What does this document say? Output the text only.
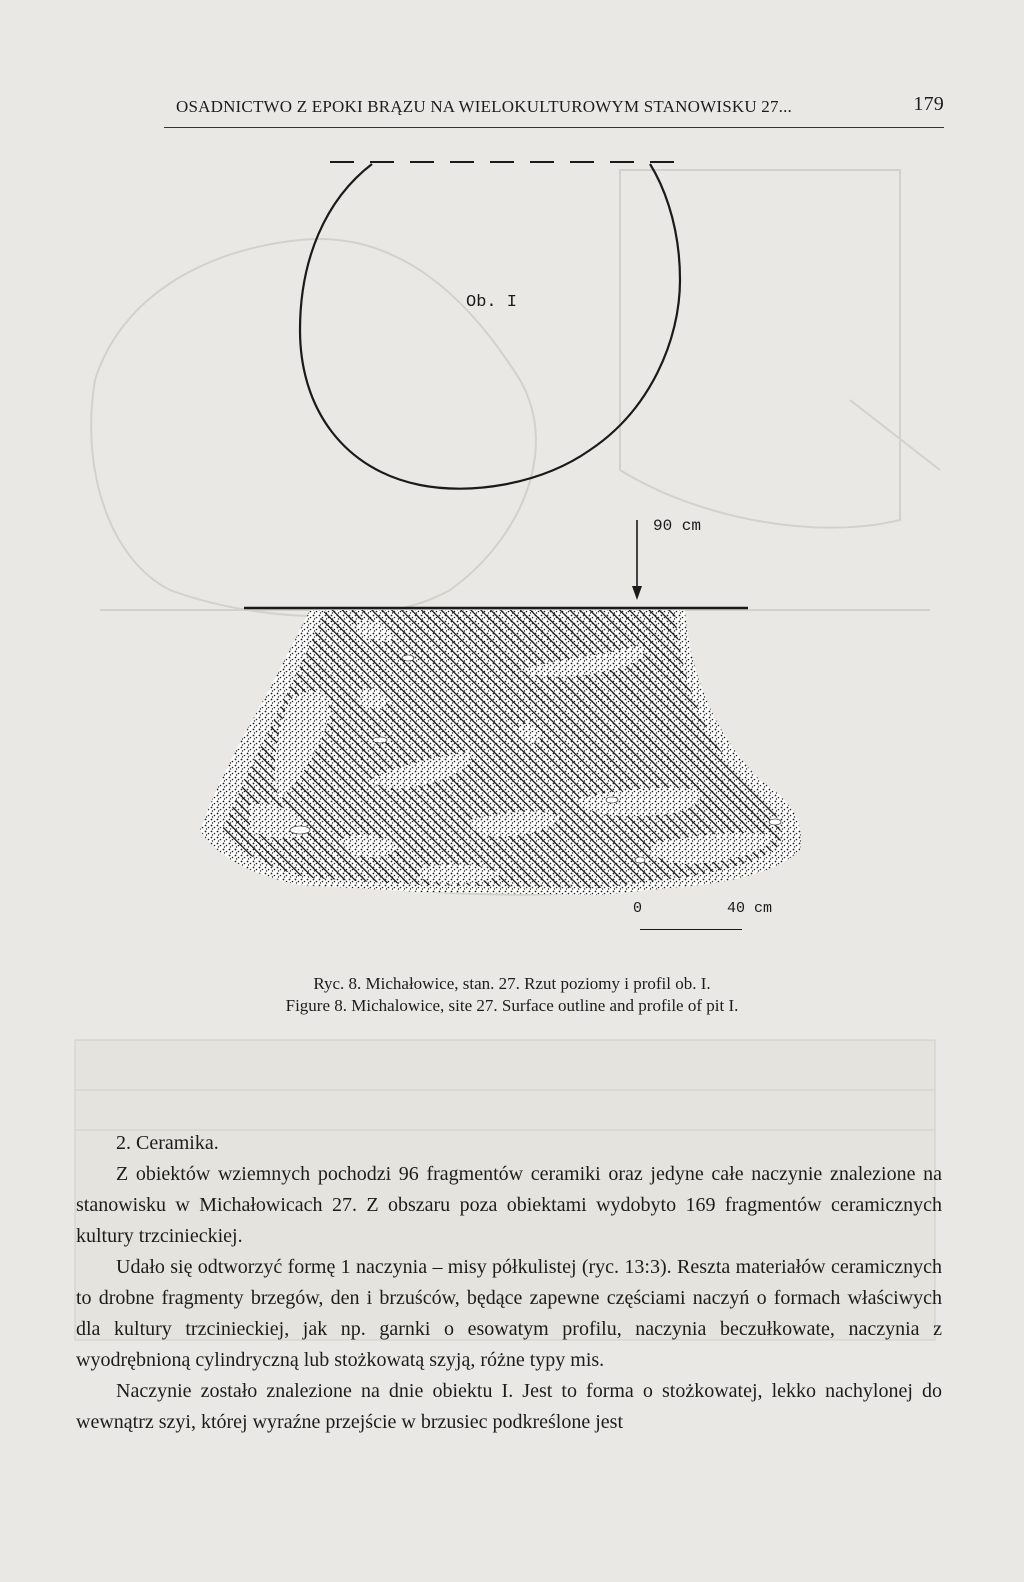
OSADNICTWO Z EPOKI BRĄZU NA WIELOKULTUROWYM STANOWISKU 27...	179
Ob. I
90 cm
0	40 cm
Ryc. 8. Michałowice, stan. 27. Rzut poziomy i profil ob. I.
Figure 8. Michalowice, site 27. Surface outline and profile of pit I.

2. Ceramika.

Z obiektów wziemnych pochodzi 96 fragmentów ceramiki oraz jedyne całe naczynie znalezione na stanowisku w Michałowicach 27. Z obszaru poza obiektami wydobyto 169 fragmentów ceramicznych kultury trzcinieckiej.

Udało się odtworzyć formę 1 naczynia – misy półkulistej (ryc. 13:3). Reszta materiałów ceramicznych to drobne fragmenty brzegów, den i brzuśców, będące zapewne częściami naczyń o formach właściwych dla kultury trzcinieckiej, jak np. garnki o esowatym profilu, naczynia beczułkowate, naczynia z wyodrębnioną cylindryczną lub stożkowatą szyją, różne typy mis.

Naczynie zostało znalezione na dnie obiektu I. Jest to forma o stożkowatej, lekko nachylonej do wewnątrz szyi, której wyraźne przejście w brzusiec podkreślone jest
